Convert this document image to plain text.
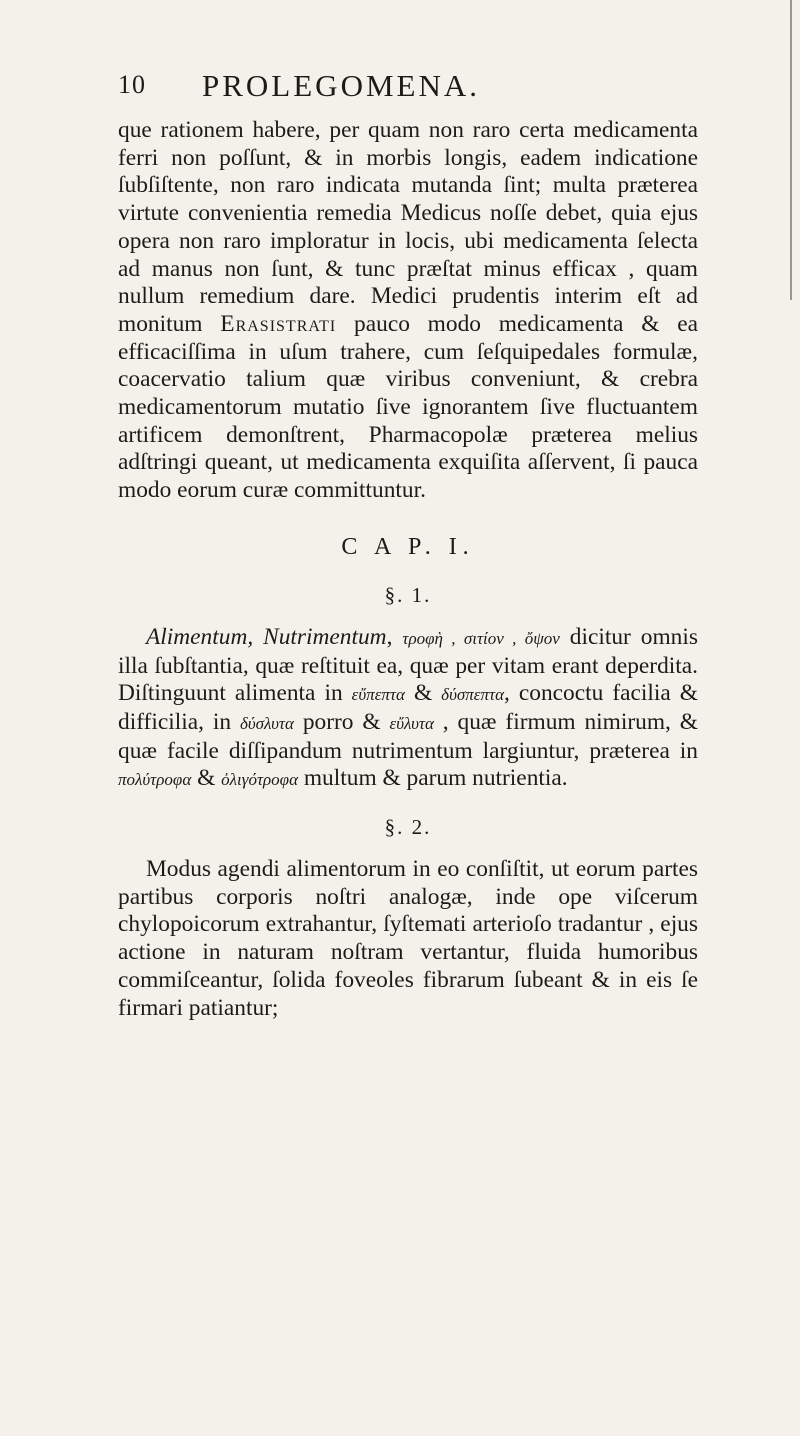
10 PROLEGOMENA.

que rationem habere, per quam non raro certa medicamenta ferri non poſſunt, & in morbis longis, eadem indicatione ſubſiſtente, non raro indicata mutanda ſint; multa præterea virtute convenientia remedia Medicus noſſe debet, quia ejus opera non raro imploratur in locis, ubi medicamenta ſelecta ad manus non ſunt, & tunc præſtat minus efficax , quam nullum remedium dare. Medici prudentis interim eſt ad monitum Erasistrati pauco modo medicamenta & ea efficaciſſima in uſum trahere, cum ſeſquipedales formulæ, coacervatio talium quæ viribus conveniunt, & crebra medicamentorum mutatio ſive ignorantem ſive fluctuantem artificem demonſtrent, Pharmacopolæ præterea melius adſtringi queant, ut medicamenta exquiſita aſſervent, ſi pauca modo eorum curæ committuntur.

C A P. I.
§. 1.

Alimentum, Nutrimentum, τροφὴ , σιτίον , ὄψον dicitur omnis illa ſubſtantia, quæ reſtituit ea, quæ per vitam erant deperdita. Diſtinguunt alimenta in εὔπεπτα & δύσπεπτα, concoctu facilia & difficilia, in δύσλυτα porro & εὔλυτα , quæ firmum nimirum, & quæ facile diſſipandum nutrimentum largiuntur, præterea in πολύτροφα & ὀλιγότροφα multum & parum nutrientia.

§. 2.

Modus agendi alimentorum in eo conſiſtit, ut eorum partes partibus corporis noſtri analogæ, inde ope viſcerum chylopoicorum extrahantur, ſyſtemati arterioſo tradantur , ejus actione in naturam noſtram vertantur, fluida humoribus commiſceantur, ſolida foveoles fibrarum ſubeant & in eis ſe firmari patiantur;
